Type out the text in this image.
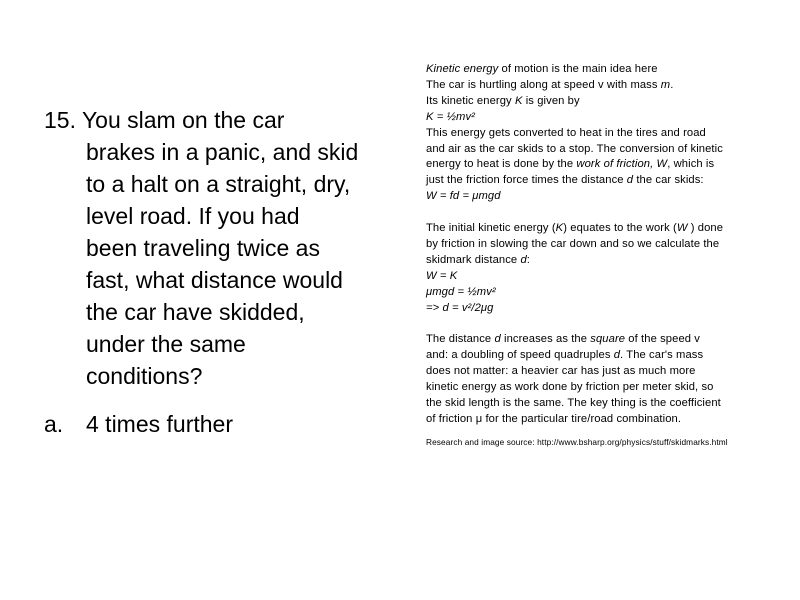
15. You slam on the car
brakes in a panic, and skid
to a halt on a straight, dry,
level road. If you had
been traveling twice as
fast, what distance would
the car have skidded,
under the same
conditions?
a. 4 times further
Kinetic energy of motion is the main idea here
The car is hurtling along at speed v with mass m.
Its kinetic energy K is given by
K = ½mv²
This energy gets converted to heat in the tires and road
and air as the car skids to a stop. The conversion of kinetic
energy to heat is done by the work of friction, W, which is
just the friction force times the distance d the car skids:
W = fd = μmgd
The initial kinetic energy (K) equates to the work (W ) done
by friction in slowing the car down and so we calculate the
skidmark distance d:
W = K
μmgd = ½mv²
=> d = v²/2μg
The distance d increases as the square of the speed v
and: a doubling of speed quadruples d. The car's mass
does not matter: a heavier car has just as much more
kinetic energy as work done by friction per meter skid, so
the skid length is the same. The key thing is the coefficient
of friction μ for the particular tire/road combination.
Research and image source: http://www.bsharp.org/physics/stuff/skidmarks.html
